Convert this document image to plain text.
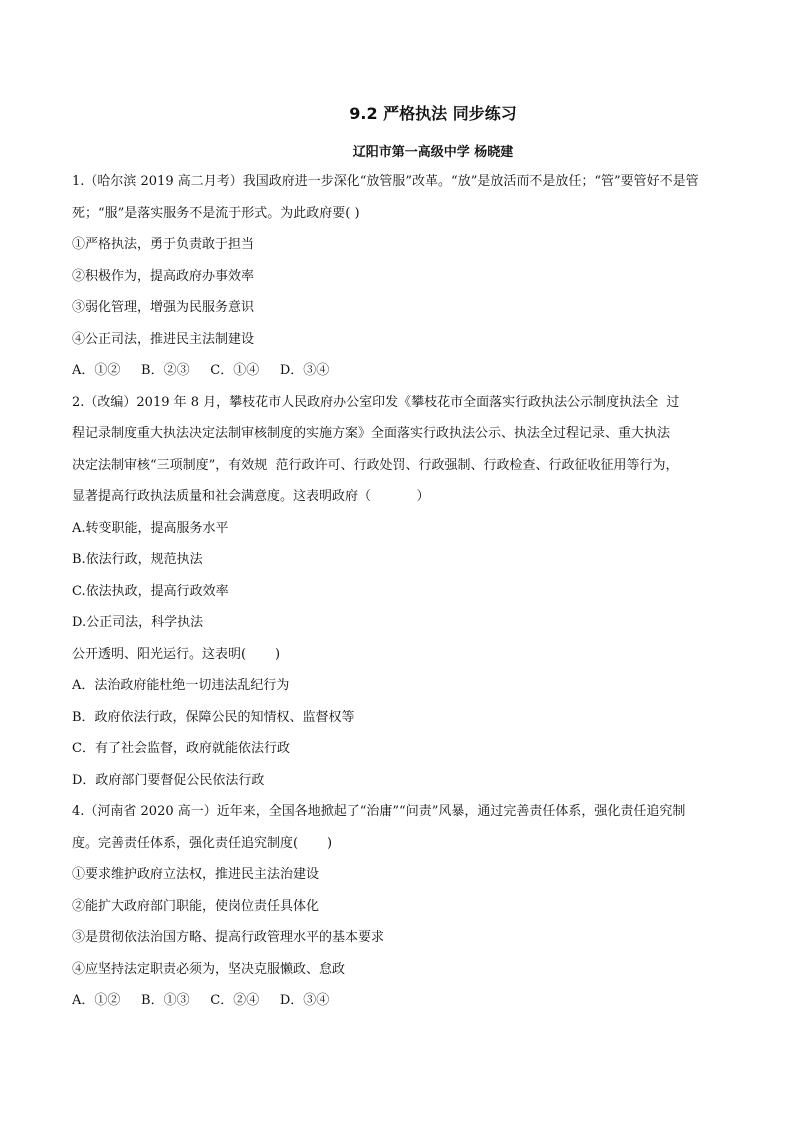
9.2 严格执法 同步练习
辽阳市第一高级中学 杨晓建

1.（哈尔滨 2019 高二月考）我国政府进一步深化“放管服”改革。“放”是放活而不是放任；“管”要管好不是管

死；“服”是落实服务不是流于形式。为此政府要( )

①严格执法，勇于负责敢于担当

②积极作为，提高政府办事效率

③弱化管理，增强为民服务意识

④公正司法，推进民主法制建设

A．①②     B．②③     C．①④     D．③④

2.（改编）2019 年 8 月，攀枝花市人民政府办公室印发《攀枝花市全面落实行政执法公示制度执法全  过

程记录制度重大执法决定法制审核制度的实施方案》全面落实行政执法公示、执法全过程记录、重大执法

决定法制审核“三项制度”，有效规  范行政许可、行政处罚、行政强制、行政检查、行政征收征用等行为，

显著提高行政执法质量和社会满意度。这表明政府（           ）

A.转变职能，提高服务水平

B.依法行政，规范执法

C.依法执政，提高行政效率

D.公正司法，科学执法

公开透明、阳光运行。这表明(       )

A．法治政府能杜绝一切违法乱纪行为

B．政府依法行政，保障公民的知情权、监督权等

C．有了社会监督，政府就能依法行政

D．政府部门要督促公民依法行政

4.（河南省 2020 高一）近年来，全国各地掀起了“治庸”“问责”风暴，通过完善责任体系，强化责任追究制

度。完善责任体系，强化责任追究制度(       )

①要求维护政府立法权，推进民主法治建设

②能扩大政府部门职能，使岗位责任具体化

③是贯彻依法治国方略、提高行政管理水平的基本要求

④应坚持法定职责必须为，坚决克服懒政、怠政

A．①②     B．①③     C．②④     D．③④
